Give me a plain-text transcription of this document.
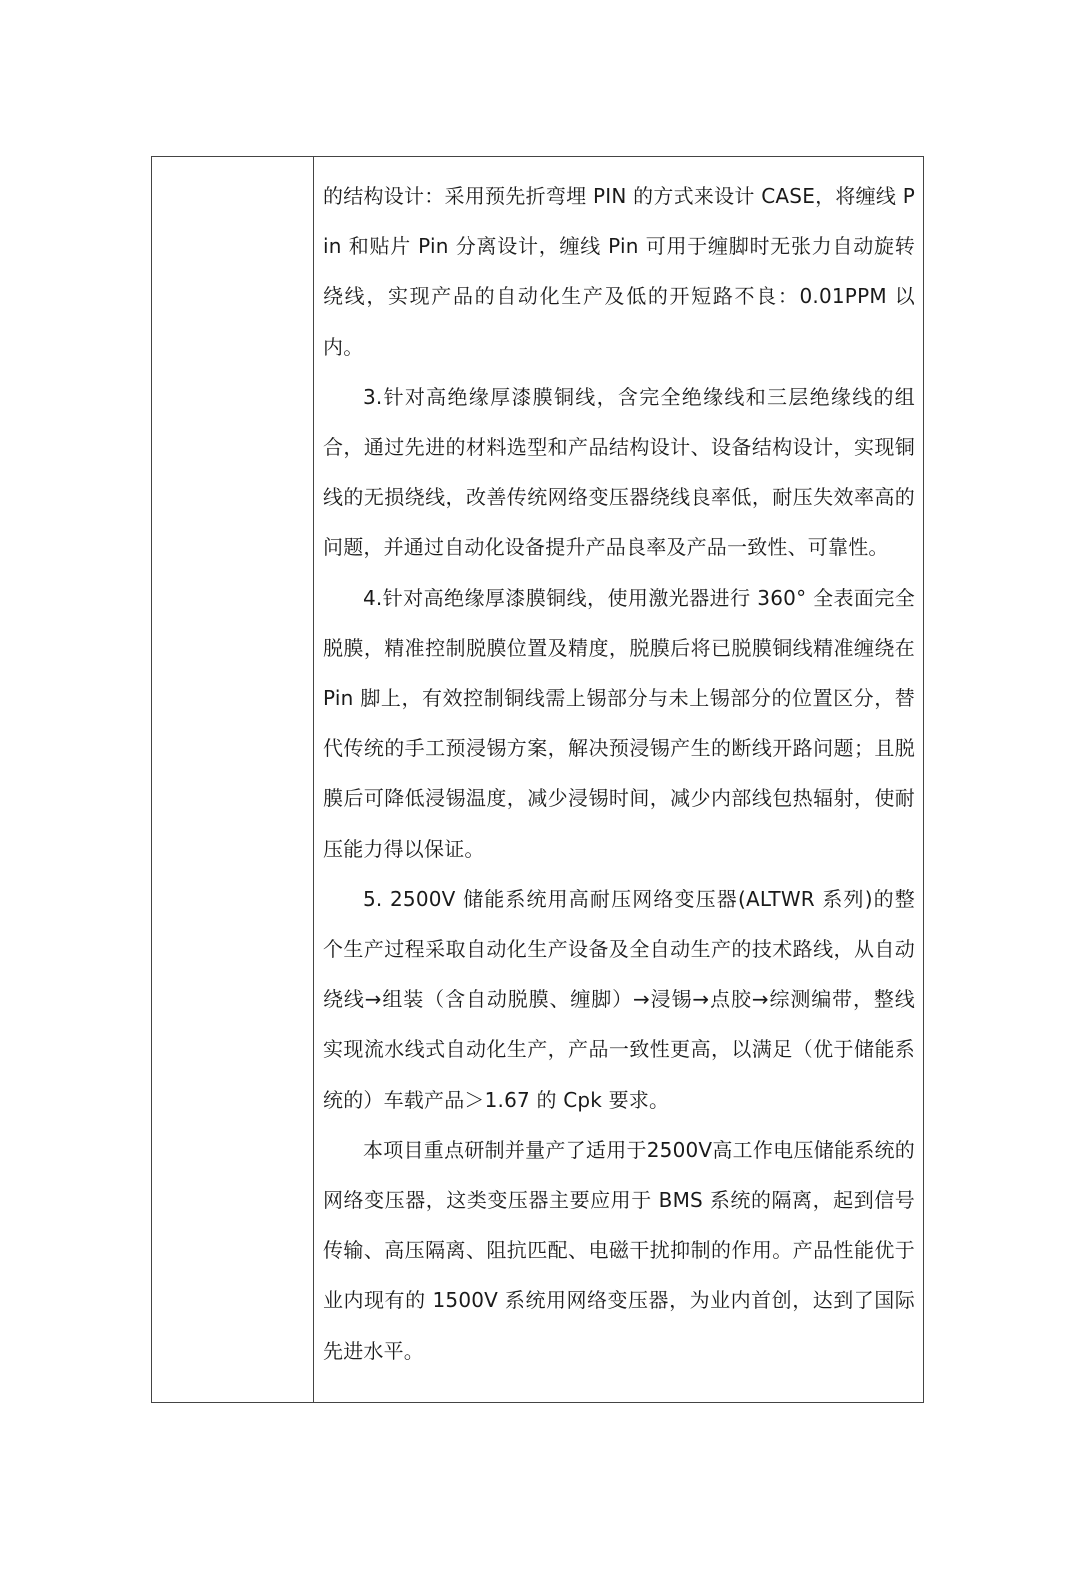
的结构设计：采用预先折弯埋 PIN 的方式来设计 CASE，将缠线 Pin 和贴片 Pin 分离设计，缠线 Pin 可用于缠脚时无张力自动旋转绕线，实现产品的自动化生产及低的开短路不良：0.01PPM 以内。

3.针对高绝缘厚漆膜铜线，含完全绝缘线和三层绝缘线的组合，通过先进的材料选型和产品结构设计、设备结构设计，实现铜线的无损绕线，改善传统网络变压器绕线良率低，耐压失效率高的问题，并通过自动化设备提升产品良率及产品一致性、可靠性。

4.针对高绝缘厚漆膜铜线，使用激光器进行 360° 全表面完全脱膜，精准控制脱膜位置及精度，脱膜后将已脱膜铜线精准缠绕在 Pin 脚上，有效控制铜线需上锡部分与未上锡部分的位置区分，替代传统的手工预浸锡方案，解决预浸锡产生的断线开路问题；且脱膜后可降低浸锡温度，减少浸锡时间，减少内部线包热辐射，使耐压能力得以保证。

5. 2500V 储能系统用高耐压网络变压器(ALTWR 系列)的整个生产过程采取自动化生产设备及全自动生产的技术路线，从自动绕线→组装（含自动脱膜、缠脚）→浸锡→点胶→综测编带，整线实现流水线式自动化生产，产品一致性更高，以满足（优于储能系统的）车载产品＞1.67 的 Cpk 要求。

本项目重点研制并量产了适用于2500V高工作电压储能系统的网络变压器，这类变压器主要应用于 BMS 系统的隔离，起到信号传输、高压隔离、阻抗匹配、电磁干扰抑制的作用。产品性能优于业内现有的 1500V 系统用网络变压器，为业内首创，达到了国际先进水平。
